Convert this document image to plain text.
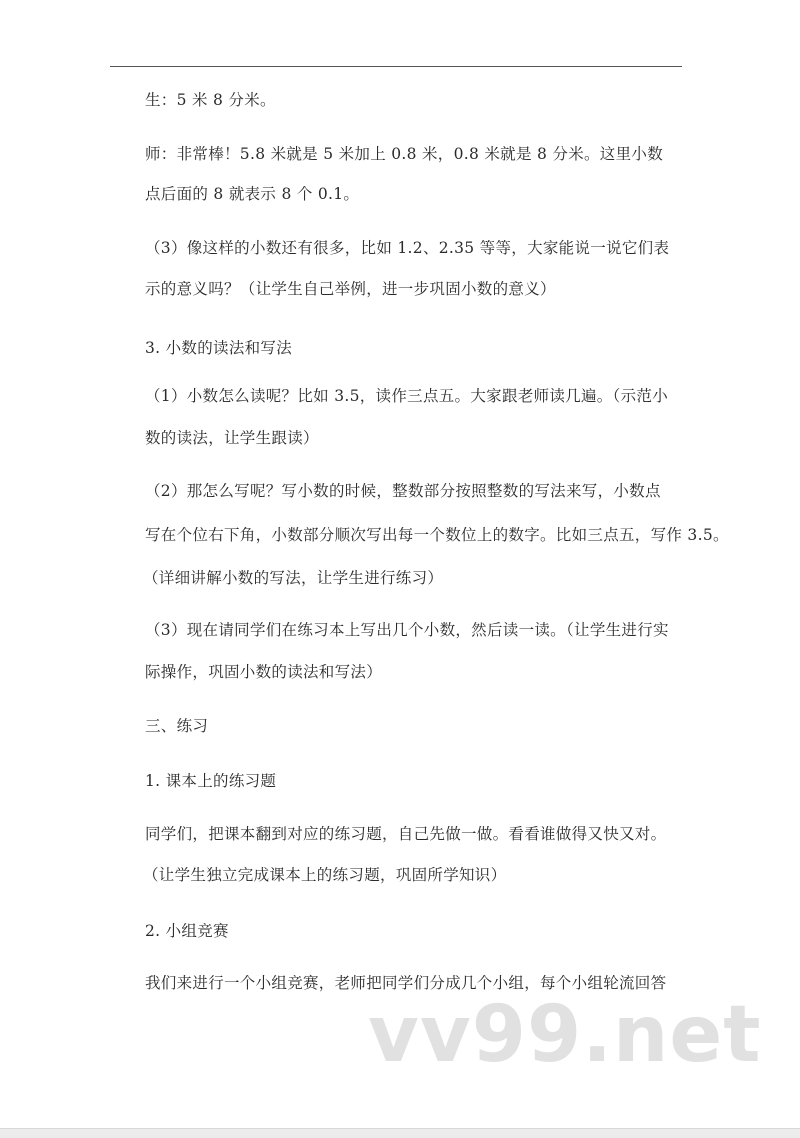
生：5 米 8 分米。
师：非常棒！5.8 米就是 5 米加上 0.8 米，0.8 米就是 8 分米。这里小数
点后面的 8 就表示 8 个 0.1。
（3）像这样的小数还有很多，比如 1.2、2.35 等等，大家能说一说它们表
示的意义吗？（让学生自己举例，进一步巩固小数的意义）
3. 小数的读法和写法
（1）小数怎么读呢？比如 3.5，读作三点五。大家跟老师读几遍。（示范小
数的读法，让学生跟读）
（2）那怎么写呢？写小数的时候，整数部分按照整数的写法来写，小数点
写在个位右下角，小数部分顺次写出每一个数位上的数字。比如三点五，写作 3.5。
（详细讲解小数的写法，让学生进行练习）
（3）现在请同学们在练习本上写出几个小数，然后读一读。（让学生进行实
际操作，巩固小数的读法和写法）
三、练习
1. 课本上的练习题
同学们，把课本翻到对应的练习题，自己先做一做。看看谁做得又快又对。
（让学生独立完成课本上的练习题，巩固所学知识）
2. 小组竞赛
我们来进行一个小组竞赛，老师把同学们分成几个小组，每个小组轮流回答
vv99.net
